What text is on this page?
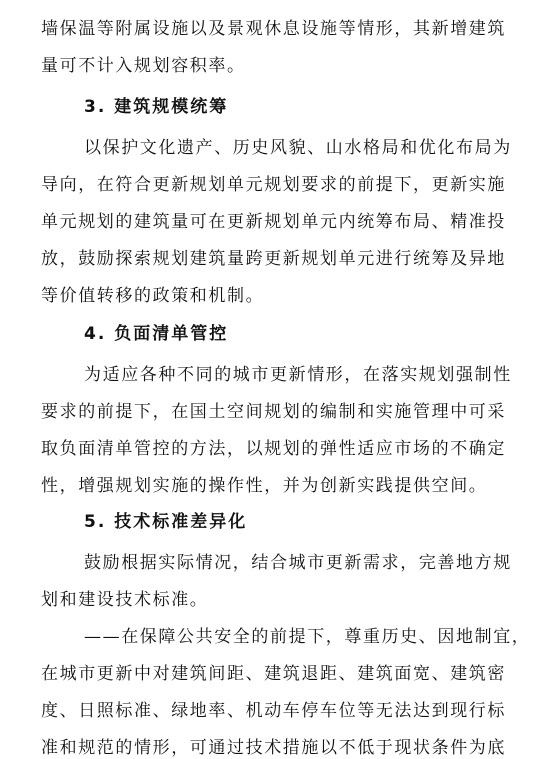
墙保温等附属设施以及景观休息设施等情形，其新增建筑
量可不计入规划容积率。
3. 建筑规模统筹
以保护文化遗产、历史风貌、山水格局和优化布局为
导向，在符合更新规划单元规划要求的前提下，更新实施
单元规划的建筑量可在更新规划单元内统筹布局、精准投
放，鼓励探索规划建筑量跨更新规划单元进行统筹及异地
等价值转移的政策和机制。
4. 负面清单管控
为适应各种不同的城市更新情形，在落实规划强制性
要求的前提下，在国土空间规划的编制和实施管理中可采
取负面清单管控的方法，以规划的弹性适应市场的不确定
性，增强规划实施的操作性，并为创新实践提供空间。
5. 技术标准差异化
鼓励根据实际情况，结合城市更新需求，完善地方规
划和建设技术标准。
——在保障公共安全的前提下，尊重历史、因地制宜，
在城市更新中对建筑间距、建筑退距、建筑面宽、建筑密
度、日照标准、绿地率、机动车停车位等无法达到现行标
准和规范的情形，可通过技术措施以不低于现状条件为底
